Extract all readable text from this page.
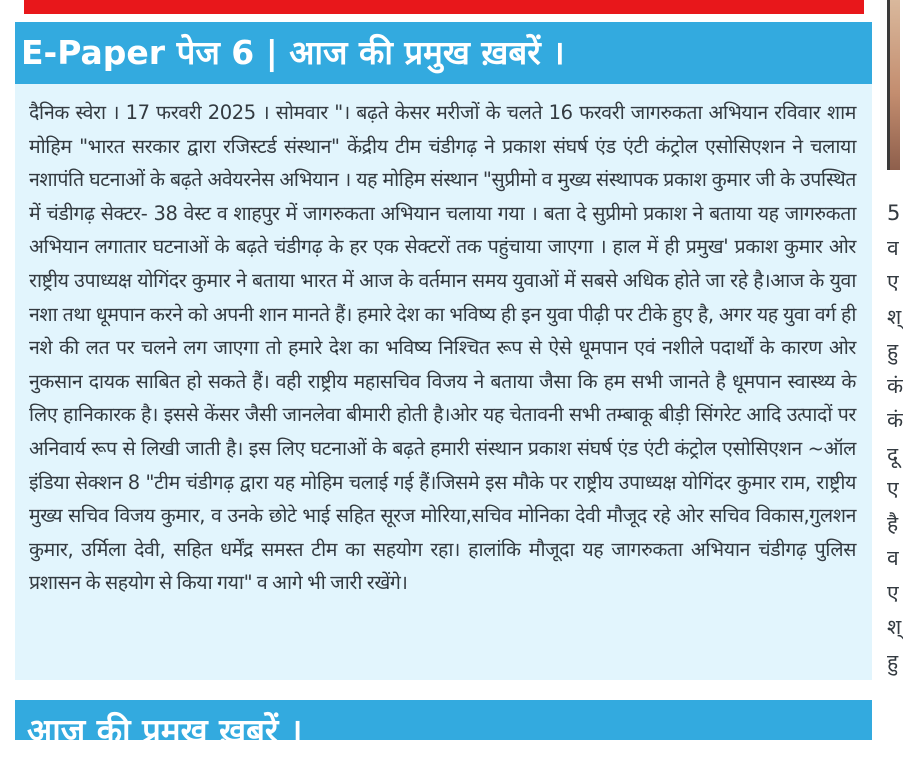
E-Paper पेज 6 | आज की प्रमुख ख़बरें ।

दैनिक स्वेरा । 17 फरवरी 2025 । सोमवार "। बढ़ते केसर मरीजों के चलते 16 फरवरी जागरुकता अभियान रविवार शाम मोहिम "भारत सरकार द्वारा रजिस्टर्ड संस्थान" केंद्रीय टीम चंडीगढ़ ने प्रकाश संघर्ष एंड एंटी कंट्रोल एसोसिएशन ने चलाया नशापंति घटनाओं के बढ़ते अवेयरनेस अभियान । यह मोहिम संस्थान "सुप्रीमो व मुख्य संस्थापक प्रकाश कुमार जी के उपस्थित में चंडीगढ़ सेक्टर- 38 वेस्ट व शाहपुर में जागरुकता अभियान चलाया गया । बता दे सुप्रीमो प्रकाश ने बताया यह जागरुकता अभियान लगातार घटनाओं के बढ़ते चंडीगढ़ के हर एक सेक्टरों तक पहुंचाया जाएगा । हाल में ही प्रमुख' प्रकाश कुमार ओर राष्ट्रीय उपाध्यक्ष योगिंदर कुमार ने बताया भारत में आज के वर्तमान समय युवाओं में सबसे अधिक होते जा रहे है।आज के युवा नशा तथा धूमपान करने को अपनी शान मानते हैं। हमारे देश का भविष्य ही इन युवा पीढ़ी पर टीके हुए है, अगर यह युवा वर्ग ही नशे की लत पर चलने लग जाएगा तो हमारे देश का भविष्य निश्चित रूप से ऐसे धूमपान एवं नशीले पदार्थों के कारण ओर नुकसान दायक साबित हो सकते हैं। वही राष्ट्रीय महासचिव विजय ने बताया जैसा कि हम सभी जानते है धूमपान स्वास्थ्य के लिए हानिकारक है। इससे केंसर जैसी जानलेवा बीमारी होती है।ओर यह चेतावनी सभी तम्बाकू बीड़ी सिंगरेट आदि उत्पादों पर अनिवार्य रूप से लिखी जाती है। इस लिए घटनाओं के बढ़ते हमारी संस्थान प्रकाश संघर्ष एंड एंटी कंट्रोल एसोसिएशन ~ऑल इंडिया सेक्शन 8 "टीम चंडीगढ़ द्वारा यह मोहिम चलाई गई हैं।जिसमे इस मौके पर राष्ट्रीय उपाध्यक्ष योगिंदर कुमार राम, राष्ट्रीय मुख्य सचिव विजय कुमार, व उनके छोटे भाई सहित सूरज मोरिया,सचिव मोनिका देवी मौजूद रहे ओर सचिव विकास,गुलशन कुमार, उर्मिला देवी, सहित धर्मेंद्र समस्त टीम का सहयोग रहा। हालांकि मौजूदा यह जागरुकता अभियान चंडीगढ़ पुलिस प्रशासन के सहयोग से किया गया" व आगे भी जारी रखेंगे।

आज की प्रमुख ख़बरें ।
5
व
ए
श्
हु
कं
कं
दू
ए
है
व
ए
श्
हु
